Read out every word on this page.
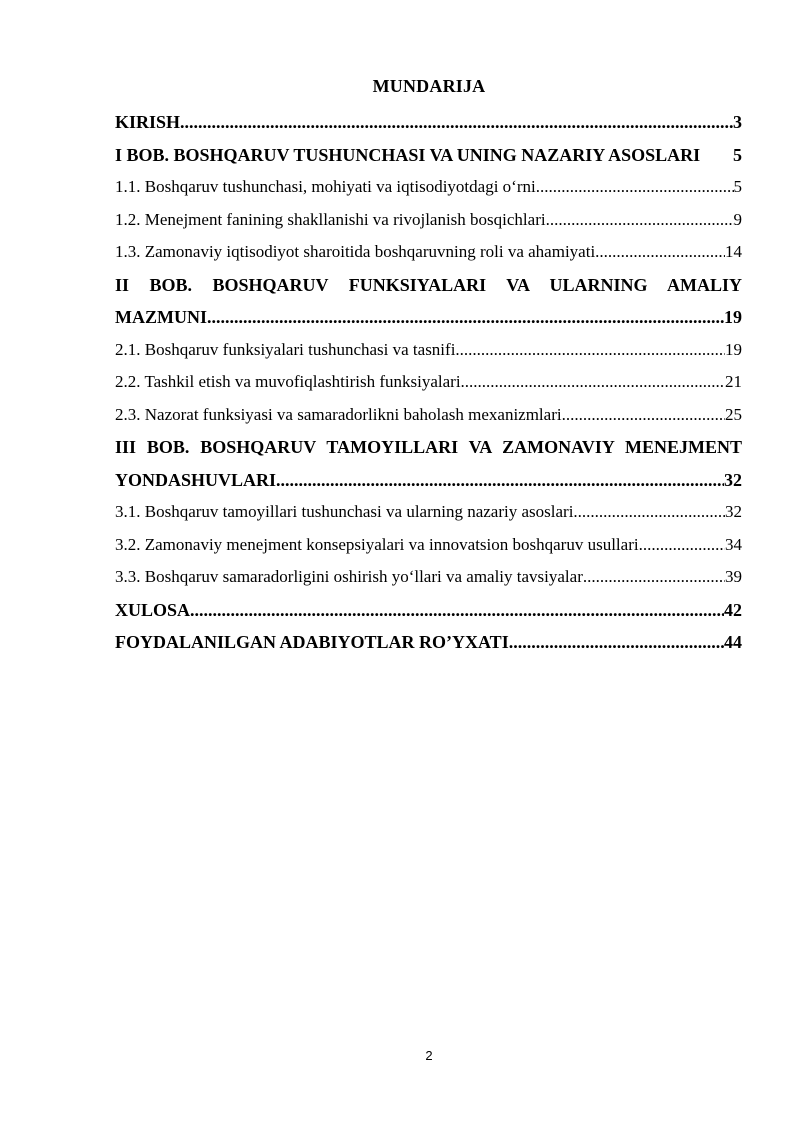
MUNDARIJA
KIRISH .....	3
I BOB. BOSHQARUV TUSHUNCHASI VA UNING NAZARIY ASOSLARI	5
1.1. Boshqaruv tushunchasi, mohiyati va iqtisodiyotdagi o‘rni .....	5
1.2. Menejment fanining shakllanishi va rivojlanish bosqichlari .....	9
1.3. Zamonaviy iqtisodiyot sharoitida boshqaruvning roli va ahamiyati .....	14
II BOB. BOSHQARUV FUNKSIYALARI VA ULARNING AMALIY
MAZMUNI .....	19
2.1. Boshqaruv funksiyalari tushunchasi va tasnifi .....	19
2.2. Tashkil etish va muvofiqlashtirish funksiyalari .....	21
2.3. Nazorat funksiyasi va samaradorlikni baholash mexanizmlari .....	25
III BOB. BOSHQARUV TAMOYILLARI VA ZAMONAVIY MENEJMENT
YONDASHUVLARI .....	32
3.1. Boshqaruv tamoyillari tushunchasi va ularning nazariy asoslari .....	32
3.2. Zamonaviy menejment konsepsiyalari va innovatsion boshqaruv usullari .....	34
3.3. Boshqaruv samaradorligini oshirish yo‘llari va amaliy tavsiyalar .....	39
XULOSA .....	42
FOYDALANILGAN ADABIYOTLAR RO’YXATI .....	44
2
